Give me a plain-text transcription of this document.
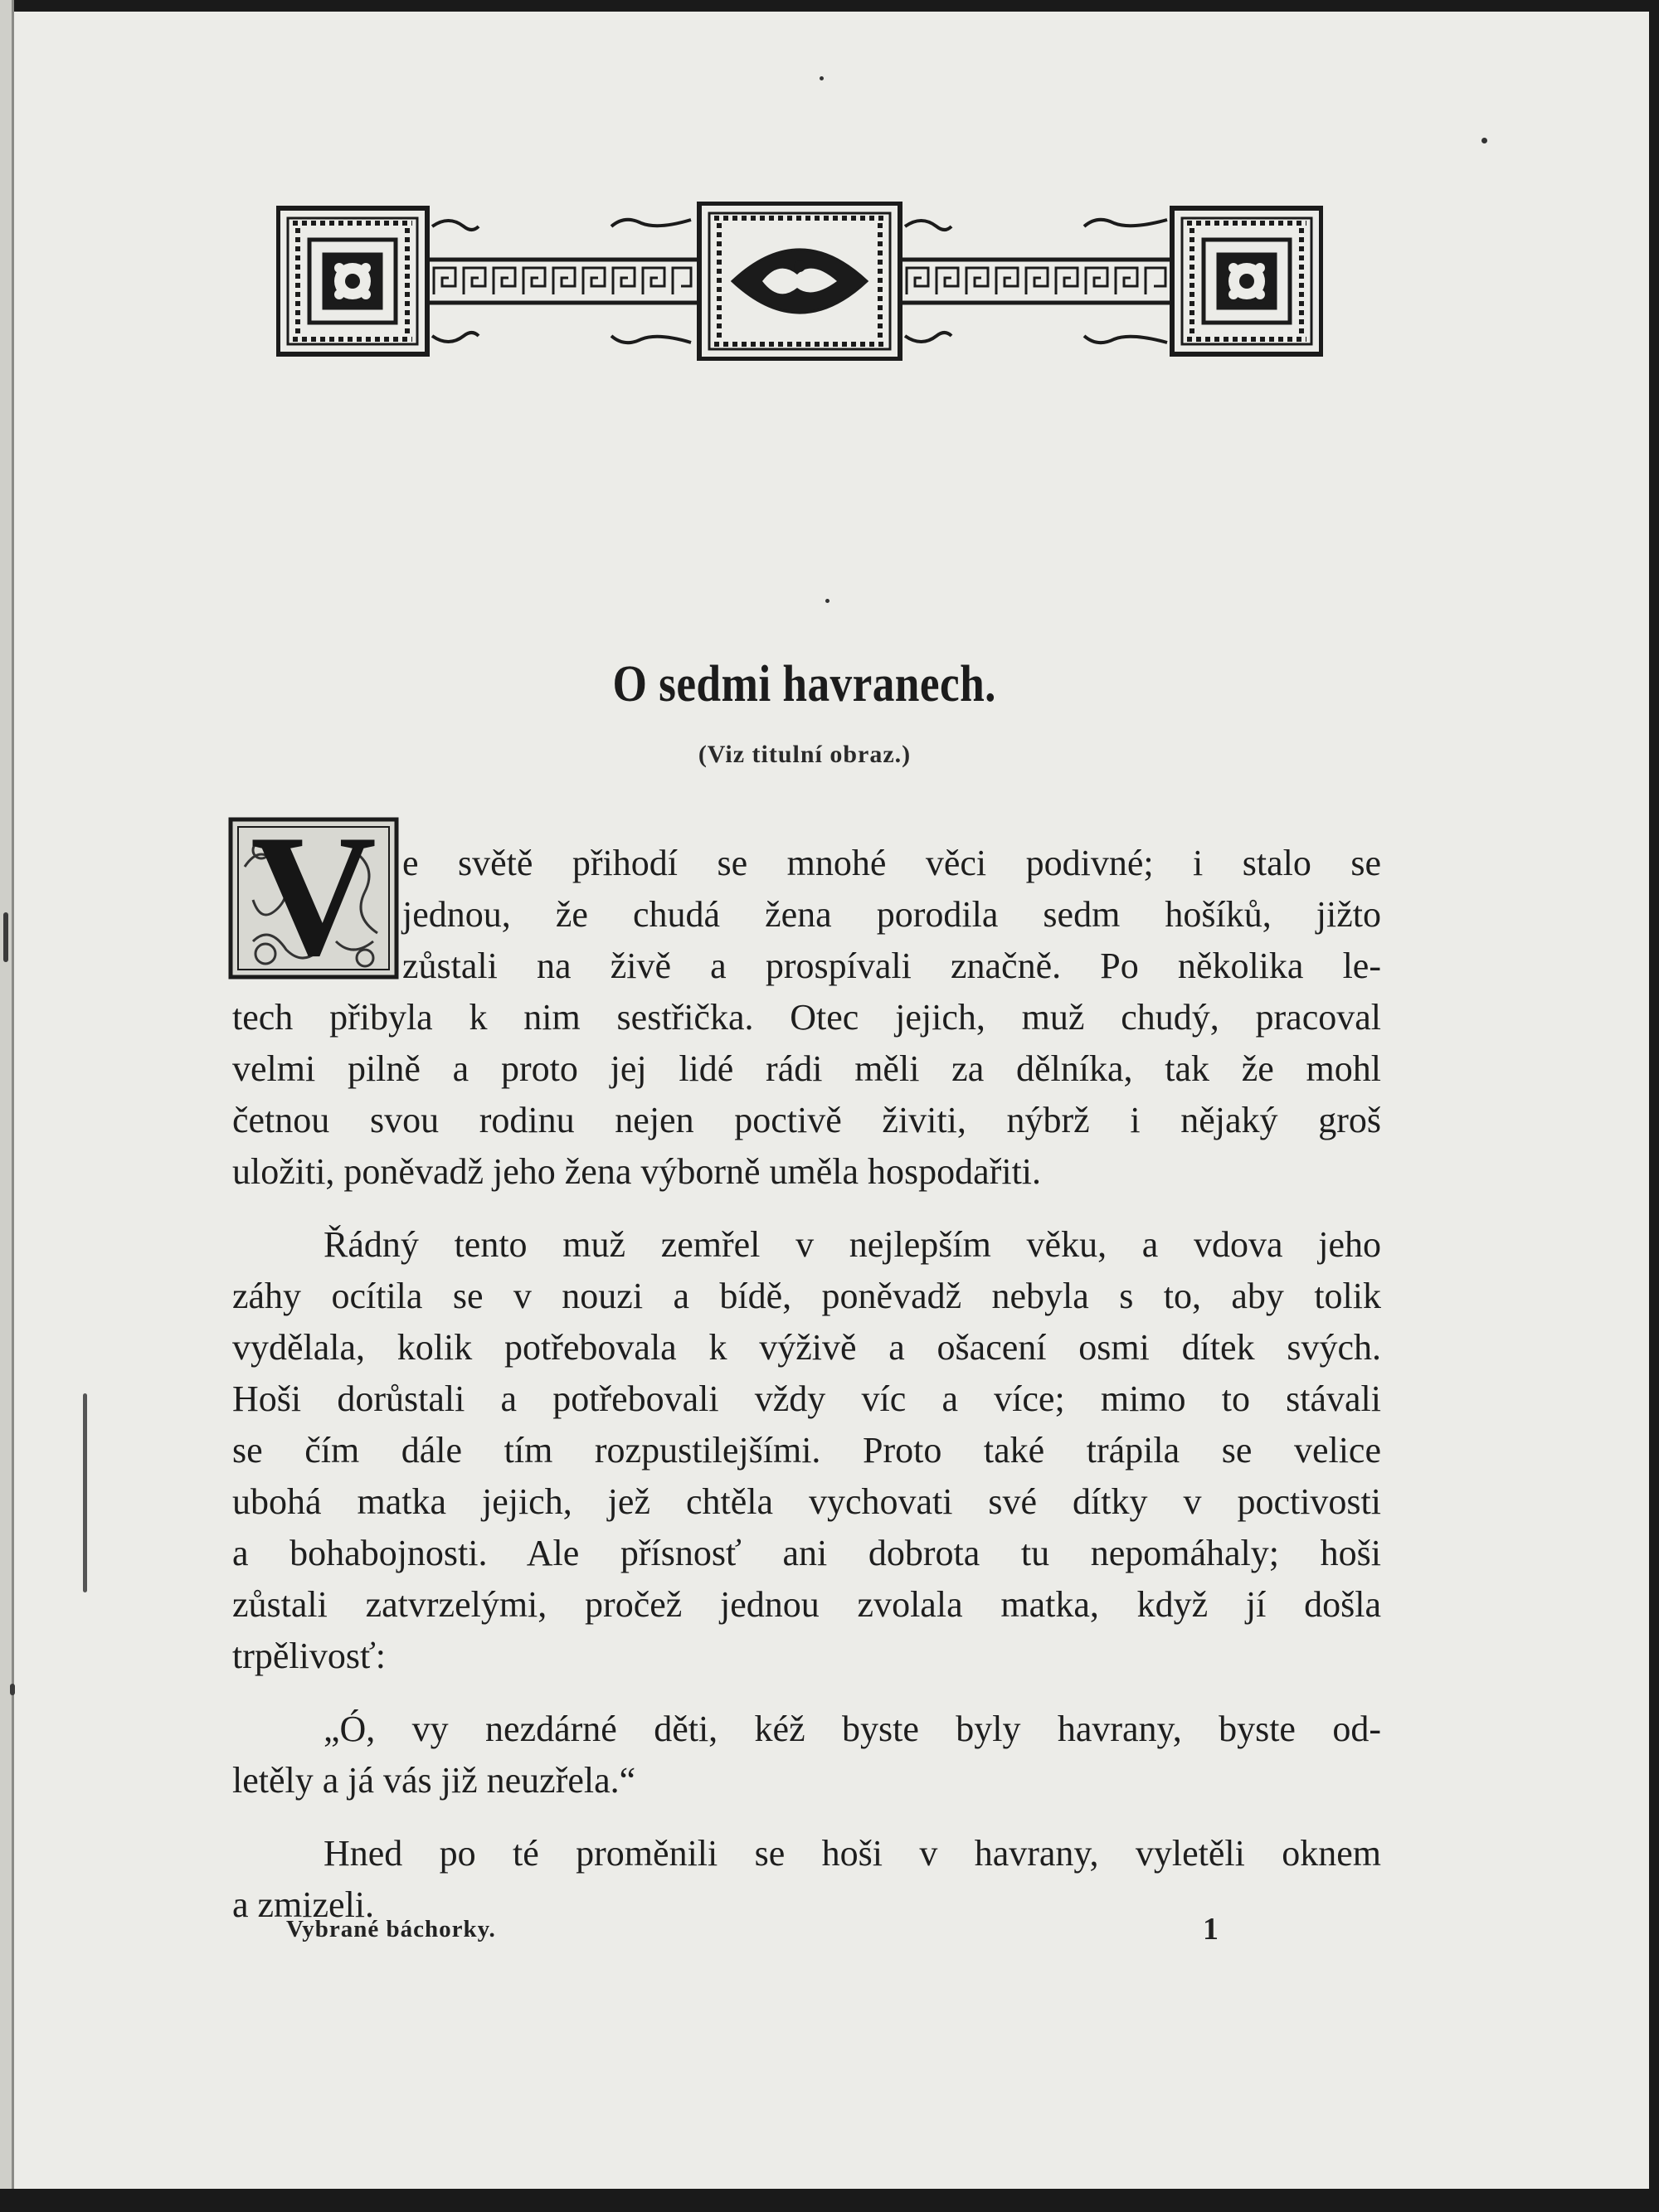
O sedmi havranech.
(Viz titulní obraz.)
V e světě přihodí se mnohé věci podivné; i stalo se
jednou, že chudá žena porodila sedm hošíků, jižto
zůstali na živě a prospívali značně. Po několika le-
tech přibyla k nim sestřička. Otec jejich, muž chudý, pracoval
velmi pilně a proto jej lidé rádi měli za dělníka, tak že mohl
četnou svou rodinu nejen poctivě živiti, nýbrž i nějaký groš
uložiti, poněvadž jeho žena výborně uměla hospodařiti.
Řádný tento muž zemřel v nejlepším věku, a vdova jeho
záhy ocítila se v nouzi a bídě, poněvadž nebyla s to, aby tolik
vydělala, kolik potřebovala k výživě a ošacení osmi dítek svých.
Hoši dorůstali a potřebovali vždy víc a více; mimo to stávali
se čím dále tím rozpustilejšími. Proto také trápila se velice
ubohá matka jejich, jež chtěla vychovati své dítky v poctivosti
a bohabojnosti. Ale přísnosť ani dobrota tu nepomáhaly; hoši
zůstali zatvrzelými, pročež jednou zvolala matka, když jí došla
trpělivosť:
„Ó, vy nezdárné děti, kéž byste byly havrany, byste od-
letěly a já vás již neuzřela.“
Hned po té proměnili se hoši v havrany, vyletěli oknem
a zmizeli.
Vybrané báchorky.	1
